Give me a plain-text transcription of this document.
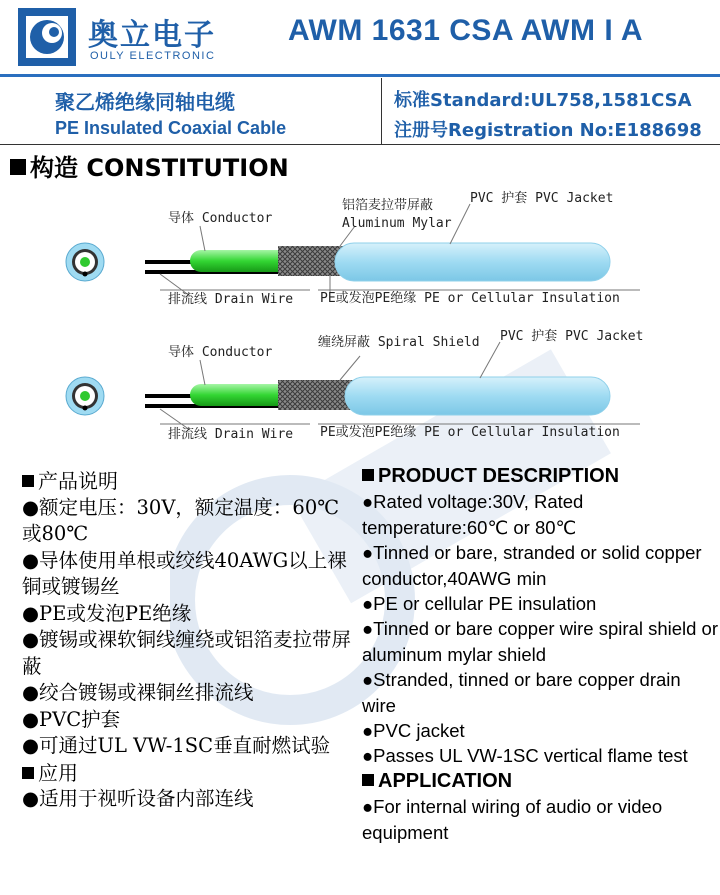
奥立电子
OULY ELECTRONIC
AWM 1631 CSA AWM I A
聚乙烯绝缘同轴电缆
PE Insulated Coaxial Cable
标准Standard:UL758,1581CSA
注册号Registration No:E188698
构造 CONSTITUTION
导体 Conductor
铝箔麦拉带屏蔽
Aluminum Mylar
PVC 护套 PVC Jacket
排流线 Drain Wire PE或发泡PE绝缘 PE or Cellular Insulation
导体 Conductor
缠绕屏蔽 Spiral Shield PVC 护套 PVC Jacket
排流线 Drain Wire PE或发泡PE绝缘 PE or Cellular Insulation
产品说明
●额定电压：30V，额定温度：60℃ 或80℃
●导体使用单根或绞线40AWG以上裸铜或镀锡丝
●PE或发泡PE绝缘
●镀锡或裸软铜线缠绕或铝箔麦拉带屏蔽
●绞合镀锡或裸铜丝排流线
●PVC护套
●可通过UL VW-1SC垂直耐燃试验
应用
●适用于视听设备内部连线
PRODUCT DESCRIPTION
●Rated voltage:30V, Rated temperature:60℃ or 80℃
●Tinned or bare, stranded or solid copper conductor,40AWG min
●PE or cellular PE insulation
●Tinned or bare copper wire spiral shield or aluminum mylar shield
●Stranded, tinned or bare copper drain wire
●PVC jacket
●Passes UL VW-1SC vertical flame test
APPLICATION
●For internal wiring of audio or video equipment
